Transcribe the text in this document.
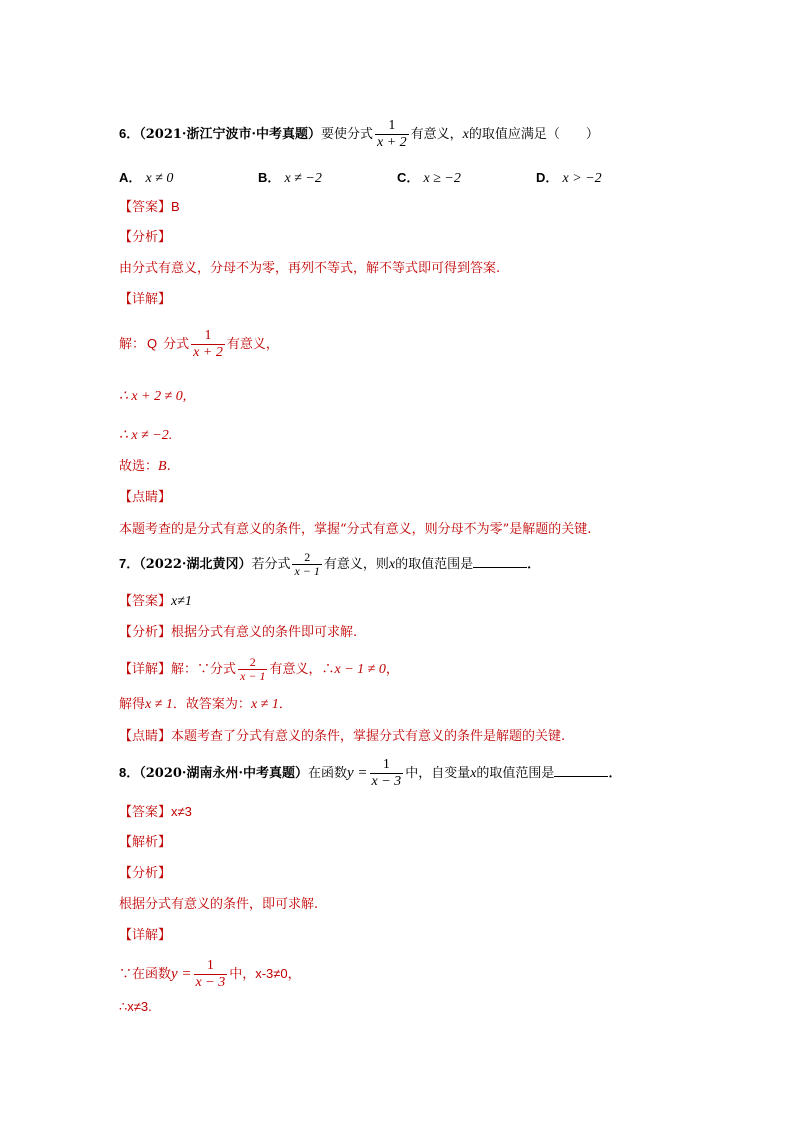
6．（2021·浙江宁波市·中考真题）要使分式 $\frac{1}{x + 2}$ 有意义，x的取值应满足（　　）
A． x ≠ 0	B． x ≠ −2	C． x ≥ −2	D． x > −2
【答案】B
【分析】
由分式有意义，分母不为零，再列不等式，解不等式即可得到答案.
【详解】
解： Q 分式 $\frac{1}{x + 2}$ 有意义，
∴ x + 2 ≠ 0,
∴ x ≠ −2.
故选：B.
【点睛】
本题考查的是分式有意义的条件，掌握“分式有意义，则分母不为零”是解题的关键.
7．（2022·湖北黄冈）若分式 $\frac{2}{x - 1}$ 有意义，则x的取值范围是	．
【答案】x≠1
【分析】根据分式有意义的条件即可求解.
【详解】解：∵分式 $\frac{2}{x - 1}$ 有意义，∴x − 1 ≠ 0，
解得x ≠ 1．故答案为：x ≠ 1．
【点睛】本题考查了分式有意义的条件，掌握分式有意义的条件是解题的关键.
8．（2020·湖南永州·中考真题）在函数$y = \frac{1}{x - 3}$ 中，自变量x的取值范围是	．
【答案】x≠3
【解析】
【分析】
根据分式有意义的条件，即可求解.
【详解】
∵在函数$y = \frac{1}{x - 3}$ 中，x-3≠0，
∴x≠3.
